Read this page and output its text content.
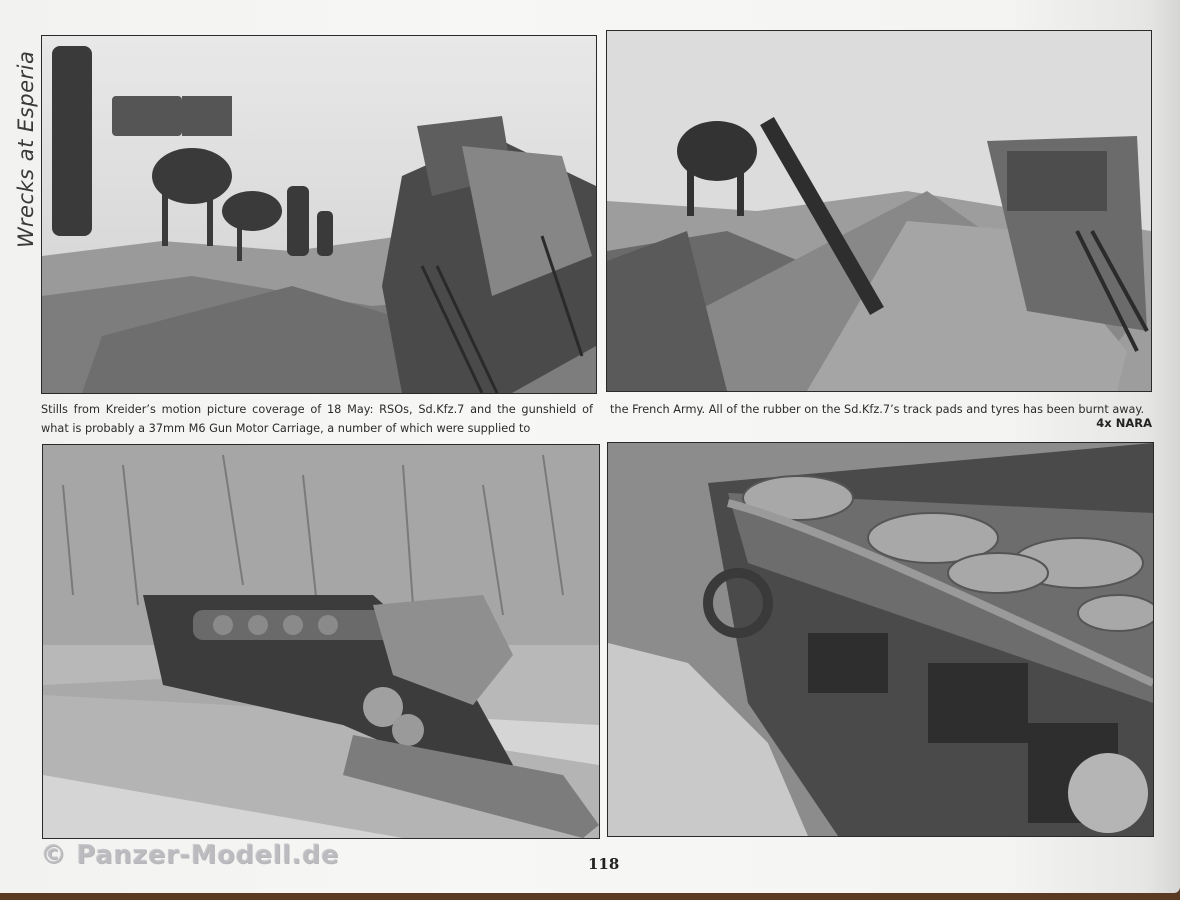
Wrecks at Esperia
Stills from Kreider’s motion picture coverage of 18 May: RSOs, Sd.Kfz.7 and the gunshield of what is probably a 37mm M6 Gun Motor Carriage, a number of which were supplied to
the French Army. All of the rubber on the Sd.Kfz.7’s track pads and tyres has been burnt away.
4x NARA
118
© Panzer-Modell.de
